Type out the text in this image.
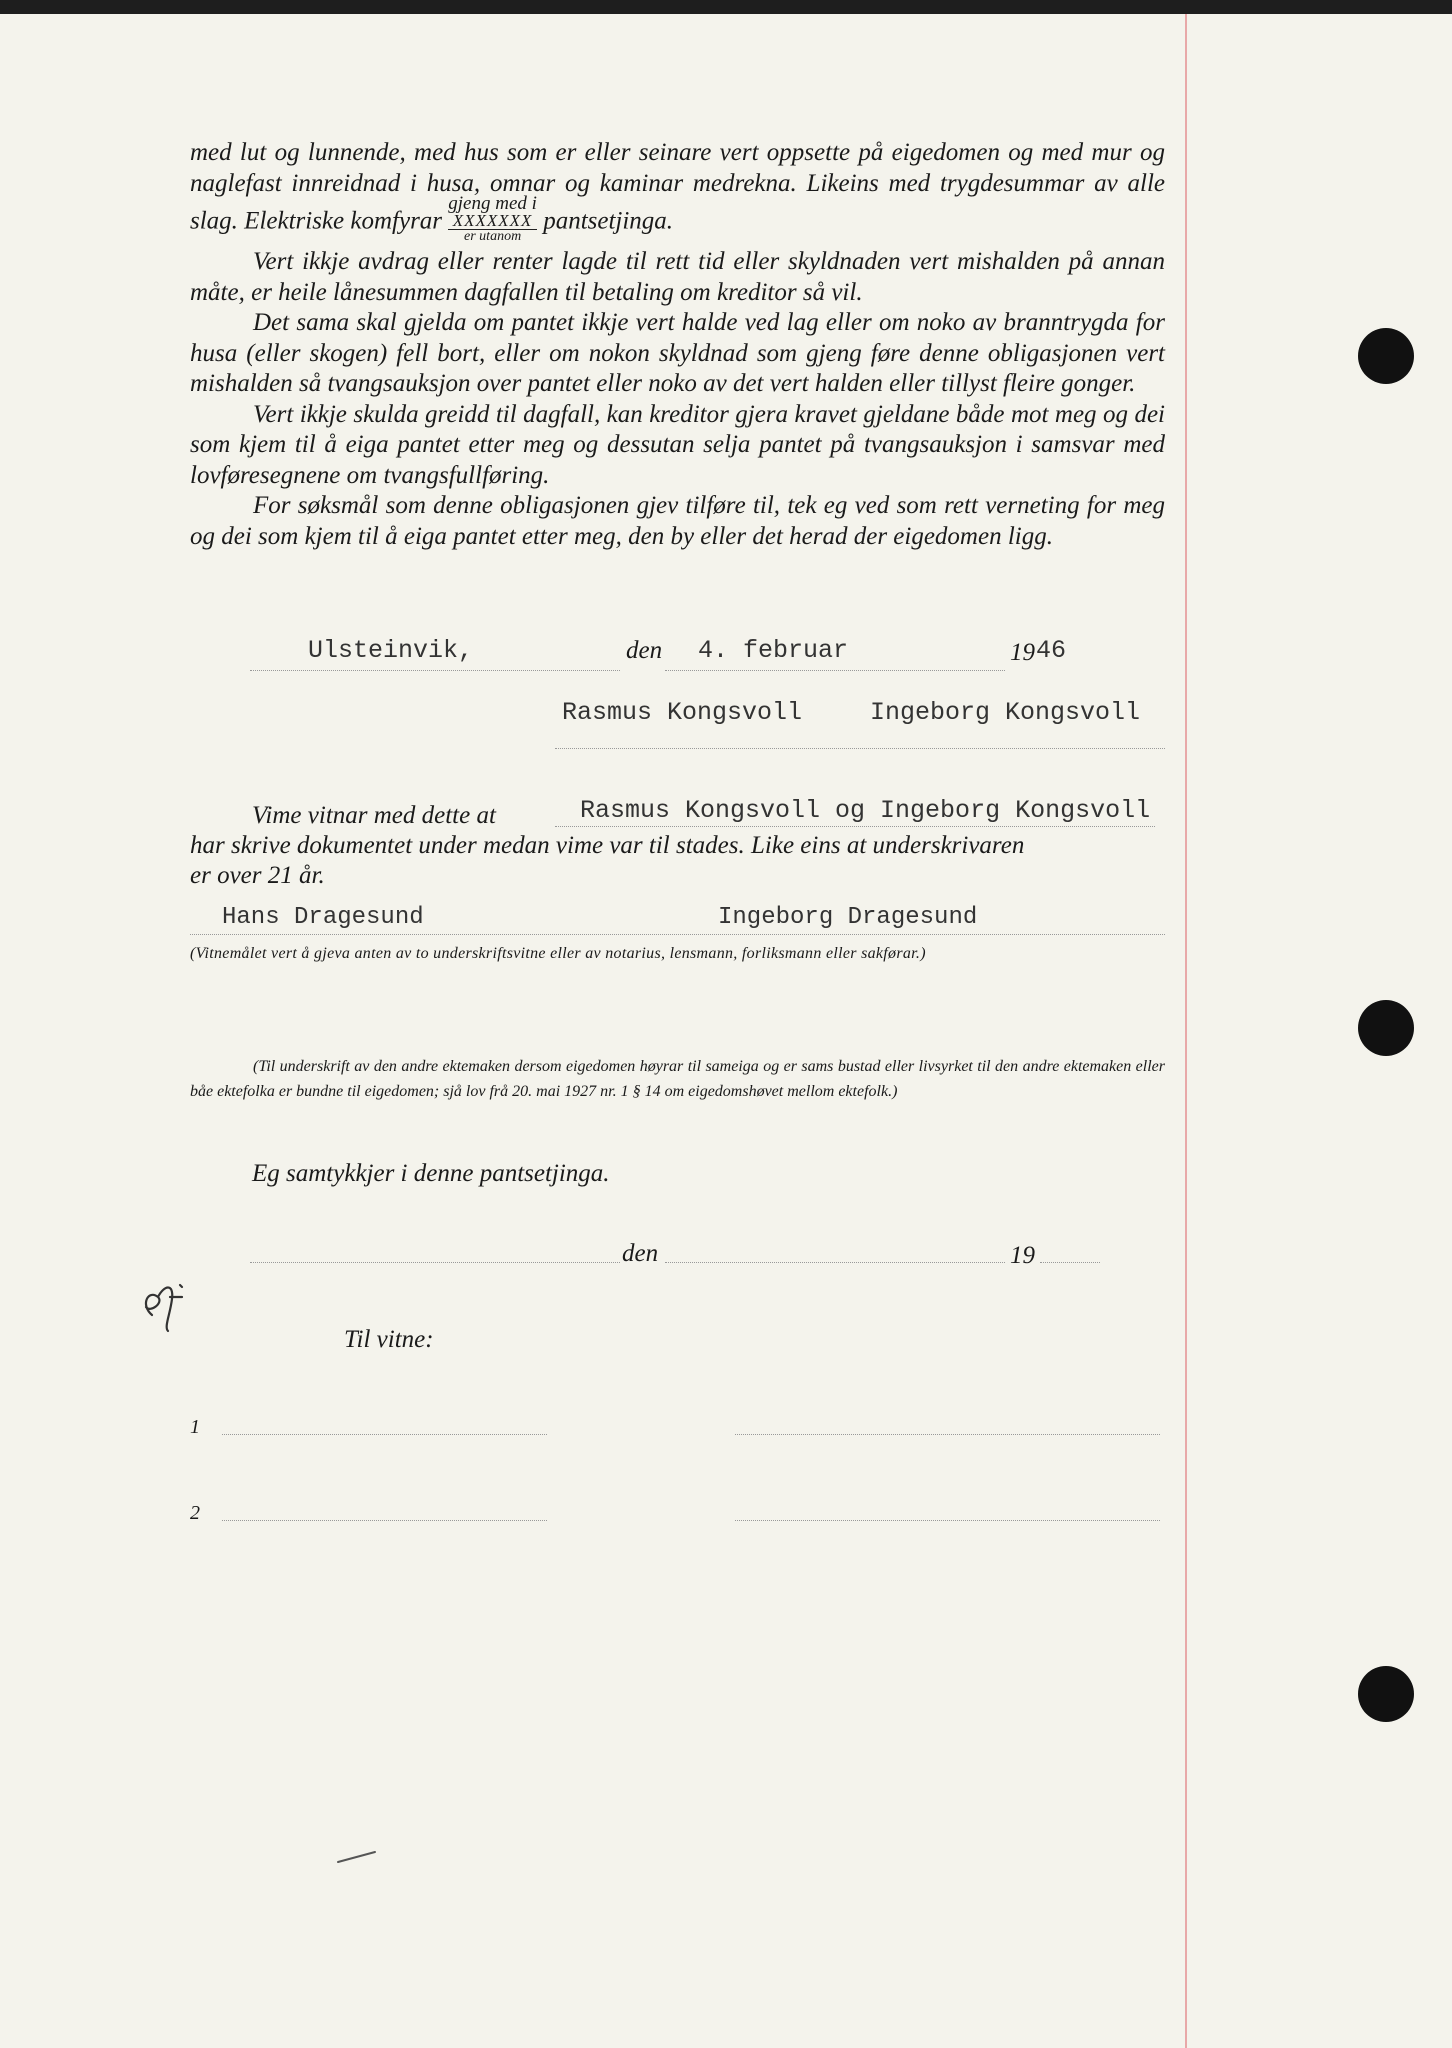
med lut og lunnende, med hus som er eller seinare vert oppsette på eigedomen og med mur og naglefast innreidnad i husa, omnar og kaminar medrekna. Likeins med trygdesummar av alle slag. Elektriske komfyrar
gjeng med i
XXXXXXX
er utanom
pantsetjinga.

Vert ikkje avdrag eller renter lagde til rett tid eller skyldnaden vert mishalden på annan måte, er heile lånesummen dagfallen til betaling om kreditor så vil.

Det sama skal gjelda om pantet ikkje vert halde ved lag eller om noko av branntrygda for husa (eller skogen) fell bort, eller om nokon skyldnad som gjeng føre denne obligasjonen vert mishalden så tvangsauksjon over pantet eller noko av det vert halden eller tillyst fleire gonger.

Vert ikkje skulda greidd til dagfall, kan kreditor gjera kravet gjeldane både mot meg og dei som kjem til å eiga pantet etter meg og dessutan selja pantet på tvangsauksjon i samsvar med lovføresegnene om tvangsfullføring.

For søksmål som denne obligasjonen gjev tilføre til, tek eg ved som rett verneting for meg og dei som kjem til å eiga pantet etter meg, den by eller det herad der eigedomen ligg.

Ulsteinvik,	den 4. februar	19 46
Rasmus Kongsvoll	Ingeborg Kongsvoll
Vime vitnar med dette at	Rasmus Kongsvoll og Ingeborg Kongsvoll
har skrive dokumentet under medan vime var til stades. Like eins at underskrivaren
er over 21 år.
Hans Dragesund	Ingeborg Dragesund
(Vitnemålet vert å gjeva anten av to underskriftsvitne eller av notarius, lensmann, forliksmann eller sakførar.)
(Til underskrift av den andre ektemaken dersom eigedomen høyrar til sameiga og er sams bustad eller livsyrket til den andre ektemaken eller båe ektefolka er bundne til eigedomen; sjå lov frå 20. mai 1927 nr. 1 § 14 om eigedomshøvet mellom ektefolk.)
Eg samtykkjer i denne pantsetjinga.
den	19
Til vitne:
1
2
